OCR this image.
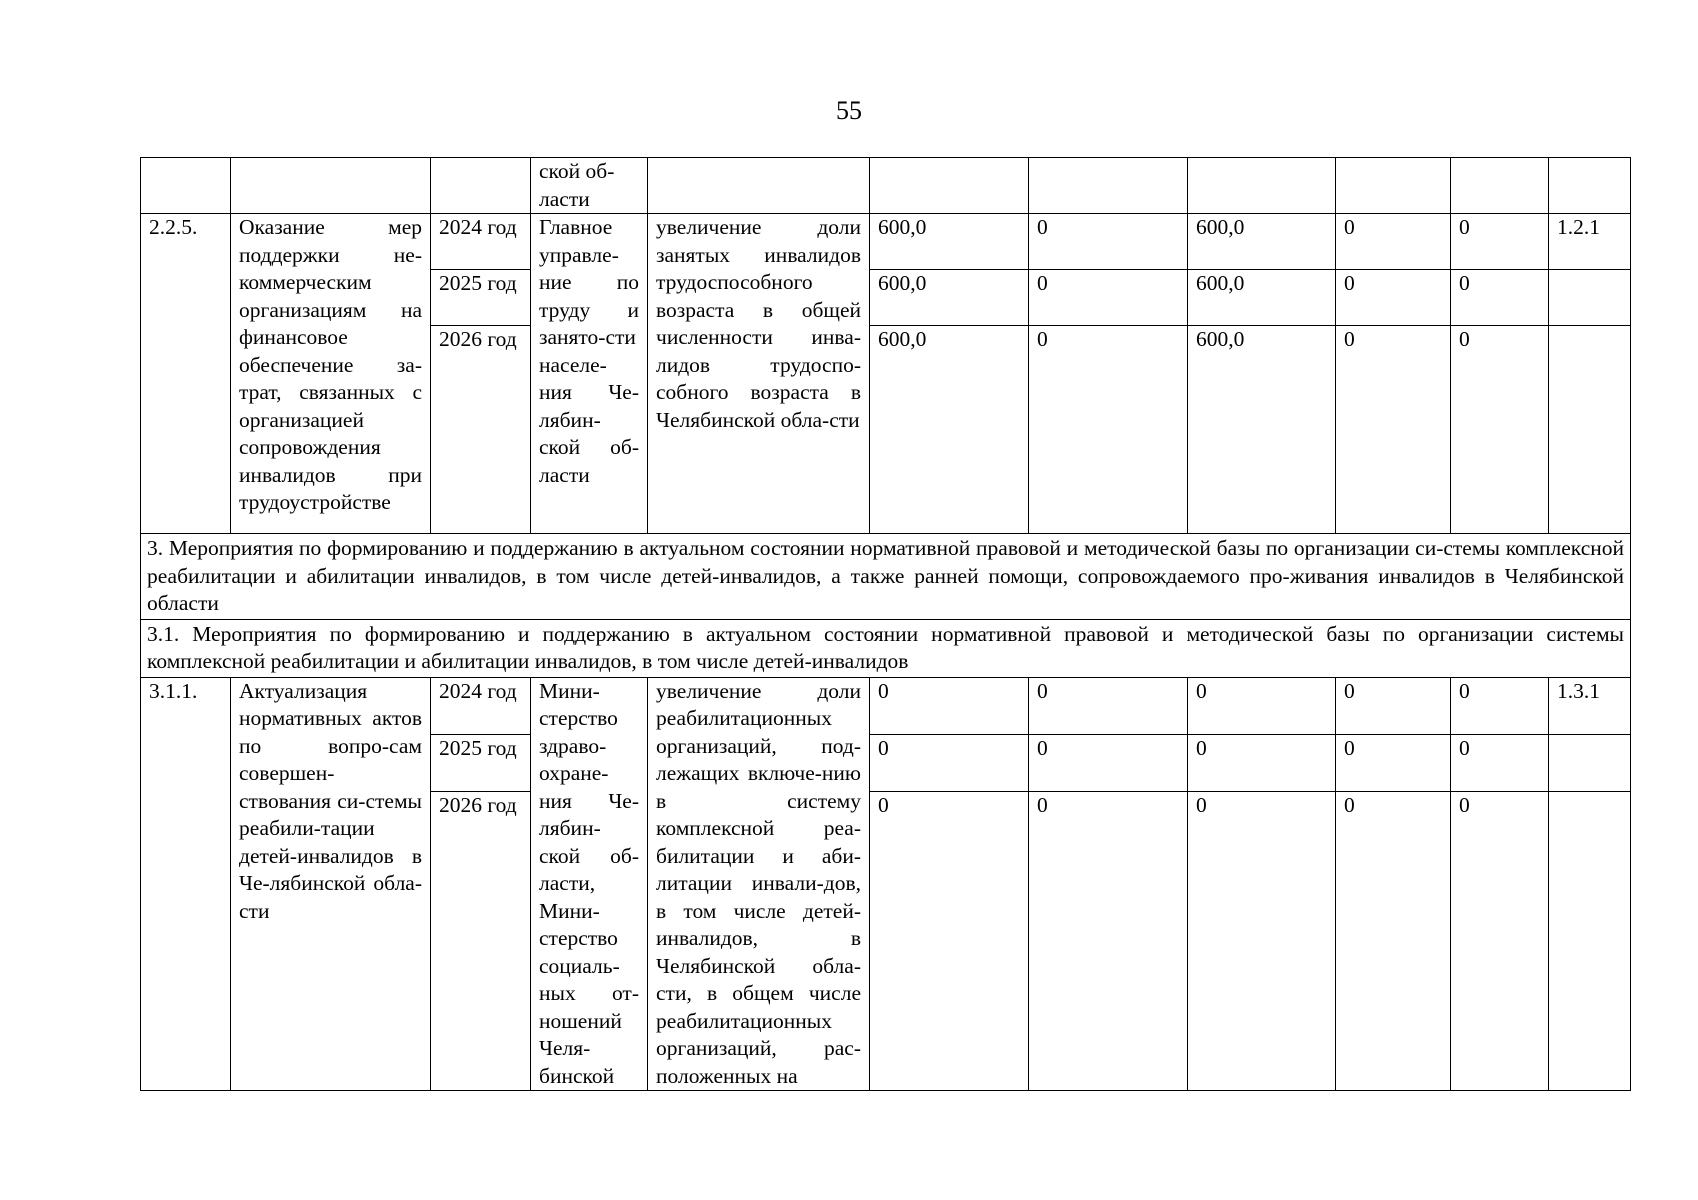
55
			ской об-
ласти							
2.2.5.	Оказание мер поддержки не-коммерческим организациям на финансовое обеспечение за-трат, связанных с организацией сопровождения инвалидов при трудоустройстве	2024 год	Главное управле-ние по труду и занято-сти населе-ния Че-лябин-ской об-ласти	увеличение доли занятых инвалидов трудоспособного возраста в общей численности инва-лидов трудоспо-собного возраста в Челябинской обла-сти	600,0	0	600,0	0	0	1.2.1
		2025 год			600,0	0	600,0	0	0	
		2026 год			600,0	0	600,0	0	0	
3. Мероприятия по формированию и поддержанию в актуальном состоянии нормативной правовой и методической базы по организации си-стемы комплексной реабилитации и абилитации инвалидов, в том числе детей-инвалидов, а также ранней помощи, сопровождаемого про-живания инвалидов в Челябинской области										
3.1. Мероприятия по формированию и поддержанию в актуальном состоянии нормативной правовой и методической базы по организации системы комплексной реабилитации и абилитации инвалидов, в том числе детей-инвалидов										
3.1.1.	Актуализация нормативных актов по вопро-сам совершен-ствования си-стемы реабили-тации детей-инвалидов в Че-лябинской обла-сти	2024 год	Мини-стерство здраво-охране-ния Че-лябин-ской об-ласти, Мини-стерство социаль-ных от-ношений Челя-бинской	увеличение доли реабилитационных организаций, под-лежащих включе-нию в систему комплексной реа-билитации и аби-литации инвали-дов, в том числе детей-инвалидов, в Челябинской обла-сти, в общем числе реабилитационных организаций, рас-положенных на	0	0	0	0	0	1.3.1
		2025 год			0	0	0	0	0	
		2026 год			0	0	0	0	0	
